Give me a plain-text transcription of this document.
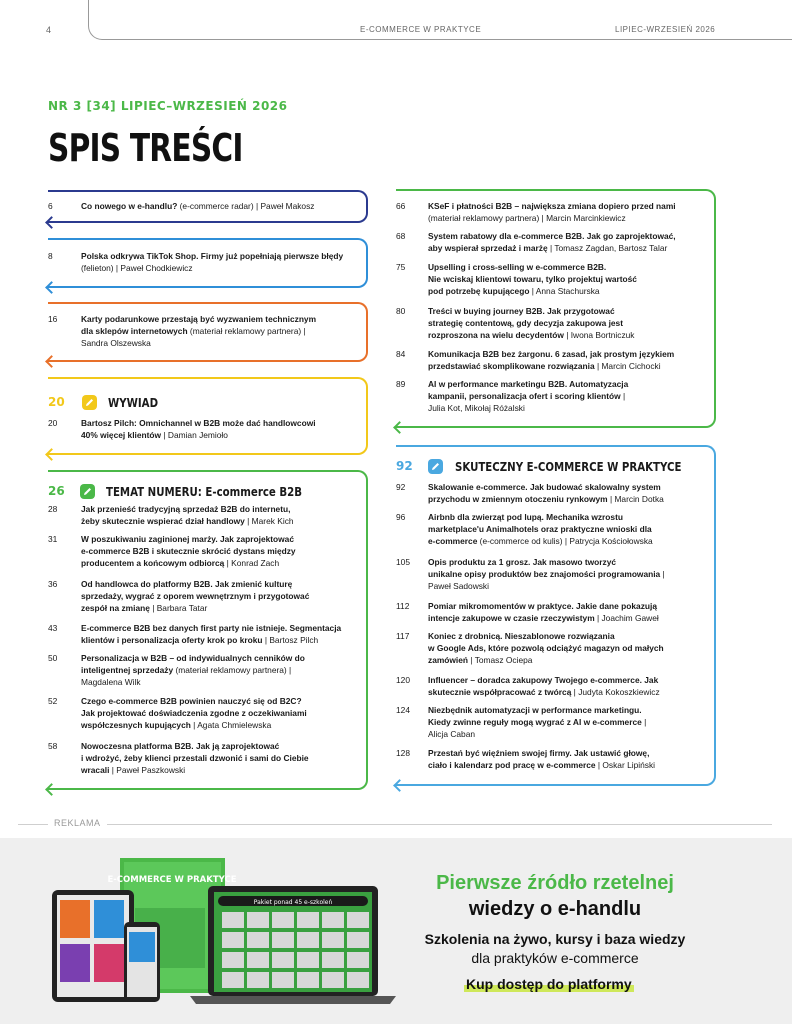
4	E-COMMERCE W PRAKTYCE	LIPIEC-WRZESIEŃ 2026
NR 3 [34] LIPIEC–WRZESIEŃ 2026
SPIS TREŚCI
20	WYWIAD
26	TEMAT NUMERU: E-commerce B2B
92	SKUTECZNY E-COMMERCE W PRAKTYCE
6	Co nowego w e-handlu? (e-commerce radar) | Paweł Makosz
8	Polska odkrywa TikTok Shop. Firmy już popełniają pierwsze błędy
(felieton) | Paweł Chodkiewicz
16	Karty podarunkowe przestają być wyzwaniem technicznym
dla sklepów internetowych (materiał reklamowy partnera) |
Sandra Olszewska
20	Bartosz Pilch: Omnichannel w B2B może dać handlowcowi
40% więcej klientów | Damian Jemioło
28	Jak przenieść tradycyjną sprzedaż B2B do internetu,
żeby skutecznie wspierać dział handlowy | Marek Kich
31	W poszukiwaniu zaginionej marży. Jak zaprojektować
e-commerce B2B i skutecznie skrócić dystans między
producentem a końcowym odbiorcą | Konrad Zach
36	Od handlowca do platformy B2B. Jak zmienić kulturę
sprzedaży, wygrać z oporem wewnętrznym i przygotować
zespół na zmianę | Barbara Tatar
43	E-commerce B2B bez danych first party nie istnieje. Segmentacja
klientów i personalizacja oferty krok po kroku | Bartosz Pilch
50	Personalizacja w B2B – od indywidualnych cenników do
inteligentnej sprzedaży (materiał reklamowy partnera) |
Magdalena Wilk
52	Czego e-commerce B2B powinien nauczyć się od B2C?
Jak projektować doświadczenia zgodne z oczekiwaniami
współczesnych kupujących | Agata Chmielewska
58	Nowoczesna platforma B2B. Jak ją zaprojektować
i wdrożyć, żeby klienci przestali dzwonić i sami do Ciebie
wracali | Paweł Paszkowski
66	KSeF i płatności B2B – największa zmiana dopiero przed nami
(materiał reklamowy partnera) | Marcin Marcinkiewicz
68	System rabatowy dla e-commerce B2B. Jak go zaprojektować,
aby wspierał sprzedaż i marżę | Tomasz Zagdan, Bartosz Talar
75	Upselling i cross-selling w e-commerce B2B.
Nie wciskaj klientowi towaru, tylko projektuj wartość
pod potrzebę kupującego | Anna Stachurska
80	Treści w buying journey B2B. Jak przygotować
strategię contentową, gdy decyzja zakupowa jest
rozproszona na wielu decydentów | Iwona Bortniczuk
84	Komunikacja B2B bez żargonu. 6 zasad, jak prostym językiem
przedstawiać skomplikowane rozwiązania | Marcin Cichocki
89	AI w performance marketingu B2B. Automatyzacja
kampanii, personalizacja ofert i scoring klientów |
Julia Kot, Mikołaj Różalski
92	Skalowanie e-commerce. Jak budować skalowalny system
przychodu w zmiennym otoczeniu rynkowym | Marcin Dotka
96	Airbnb dla zwierząt pod lupą. Mechanika wzrostu
marketplace'u Animalhotels oraz praktyczne wnioski dla
e-commerce (e-commerce od kulis) | Patrycja Kościołowska
105 Opis produktu za 1 grosz. Jak masowo tworzyć
unikalne opisy produktów bez znajomości programowania |
Paweł Sadowski
112 Pomiar mikromomentów w praktyce. Jakie dane pokazują
intencje zakupowe w czasie rzeczywistym | Joachim Gaweł
117 Koniec z drobnicą. Nieszablonowe rozwiązania
w Google Ads, które pozwolą odciążyć magazyn od małych
zamówień | Tomasz Ociepa
120 Influencer – doradca zakupowy Twojego e-commerce. Jak
skutecznie współpracować z twórcą | Judyta Kokoszkiewicz
124 Niezbędnik automatyzacji w performance marketingu.
Kiedy zwinne reguły mogą wygrać z AI w e-commerce |
Alicja Caban
128 Przestań być więźniem swojej firmy. Jak ustawić głowę,
ciało i kalendarz pod pracę w e-commerce | Oskar Lipiński
REKLAMA
E-COMMERCE W PRAKTYCE
Pakiet ponad 45 e-szkoleń
Pierwsze źródło rzetelnej
wiedzy o e-handlu
Szkolenia na żywo, kursy i baza wiedzy
dla praktyków e-commerce
Kup dostęp do platformy
